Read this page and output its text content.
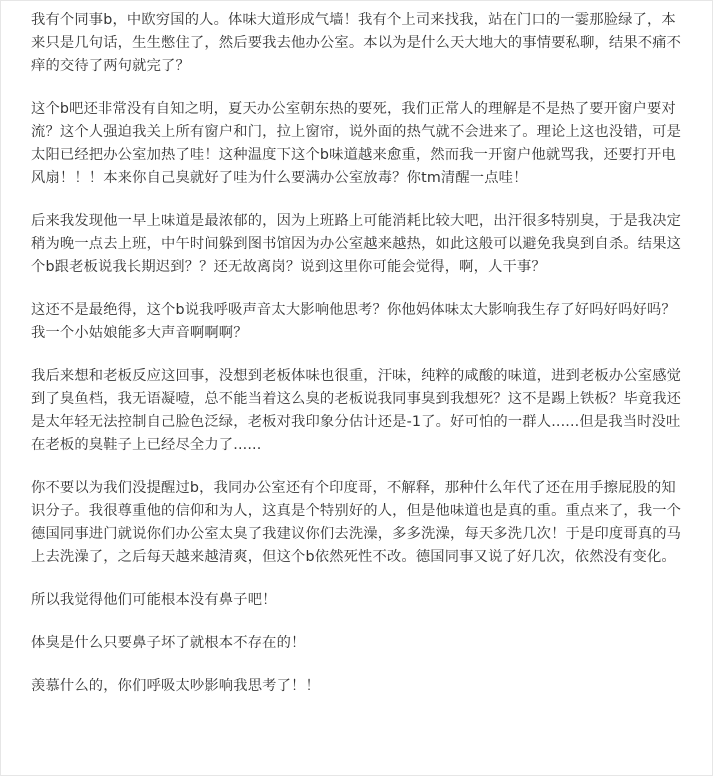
我有个同事b，中欧穷国的人。体味大道形成气墙！我有个上司来找我，站在门口的一霎那脸绿了，本来只是几句话，生生憋住了，然后要我去他办公室。本以为是什么天大地大的事情要私聊，结果不痛不痒的交待了两句就完了？

这个b吧还非常没有自知之明，夏天办公室朝东热的要死，我们正常人的理解是不是热了要开窗户要对流？这个人强迫我关上所有窗户和门，拉上窗帘，说外面的热气就不会进来了。理论上这也没错，可是太阳已经把办公室加热了哇！这种温度下这个b味道越来愈重，然而我一开窗户他就骂我，还要打开电风扇！！！本来你自己臭就好了哇为什么要满办公室放毒？你tm清醒一点哇！

后来我发现他一早上味道是最浓郁的，因为上班路上可能消耗比较大吧，出汗很多特别臭，于是我决定稍为晚一点去上班，中午时间躲到图书馆因为办公室越来越热，如此这般可以避免我臭到自杀。结果这个b跟老板说我长期迟到？？还无故离岗？说到这里你可能会觉得，啊，人干事？

这还不是最绝得，这个b说我呼吸声音太大影响他思考？你他妈体味太大影响我生存了好吗好吗好吗？我一个小姑娘能多大声音啊啊啊？

我后来想和老板反应这回事，没想到老板体味也很重，汗味，纯粹的咸酸的味道，进到老板办公室感觉到了臭鱼档，我无语凝噎，总不能当着这么臭的老板说我同事臭到我想死？这不是踢上铁板？毕竟我还是太年轻无法控制自己脸色泛绿，老板对我印象分估计还是-1了。好可怕的一群人......但是我当时没吐在老板的臭鞋子上已经尽全力了......

你不要以为我们没提醒过b，我同办公室还有个印度哥，不解释，那种什么年代了还在用手擦屁股的知识分子。我很尊重他的信仰和为人，这真是个特别好的人，但是他味道也是真的重。重点来了，我一个德国同事进门就说你们办公室太臭了我建议你们去洗澡，多多洗澡，每天多洗几次！于是印度哥真的马上去洗澡了，之后每天越来越清爽，但这个b依然死性不改。德国同事又说了好几次，依然没有变化。

所以我觉得他们可能根本没有鼻子吧！

体臭是什么只要鼻子坏了就根本不存在的！

羡慕什么的，你们呼吸太吵影响我思考了！！
